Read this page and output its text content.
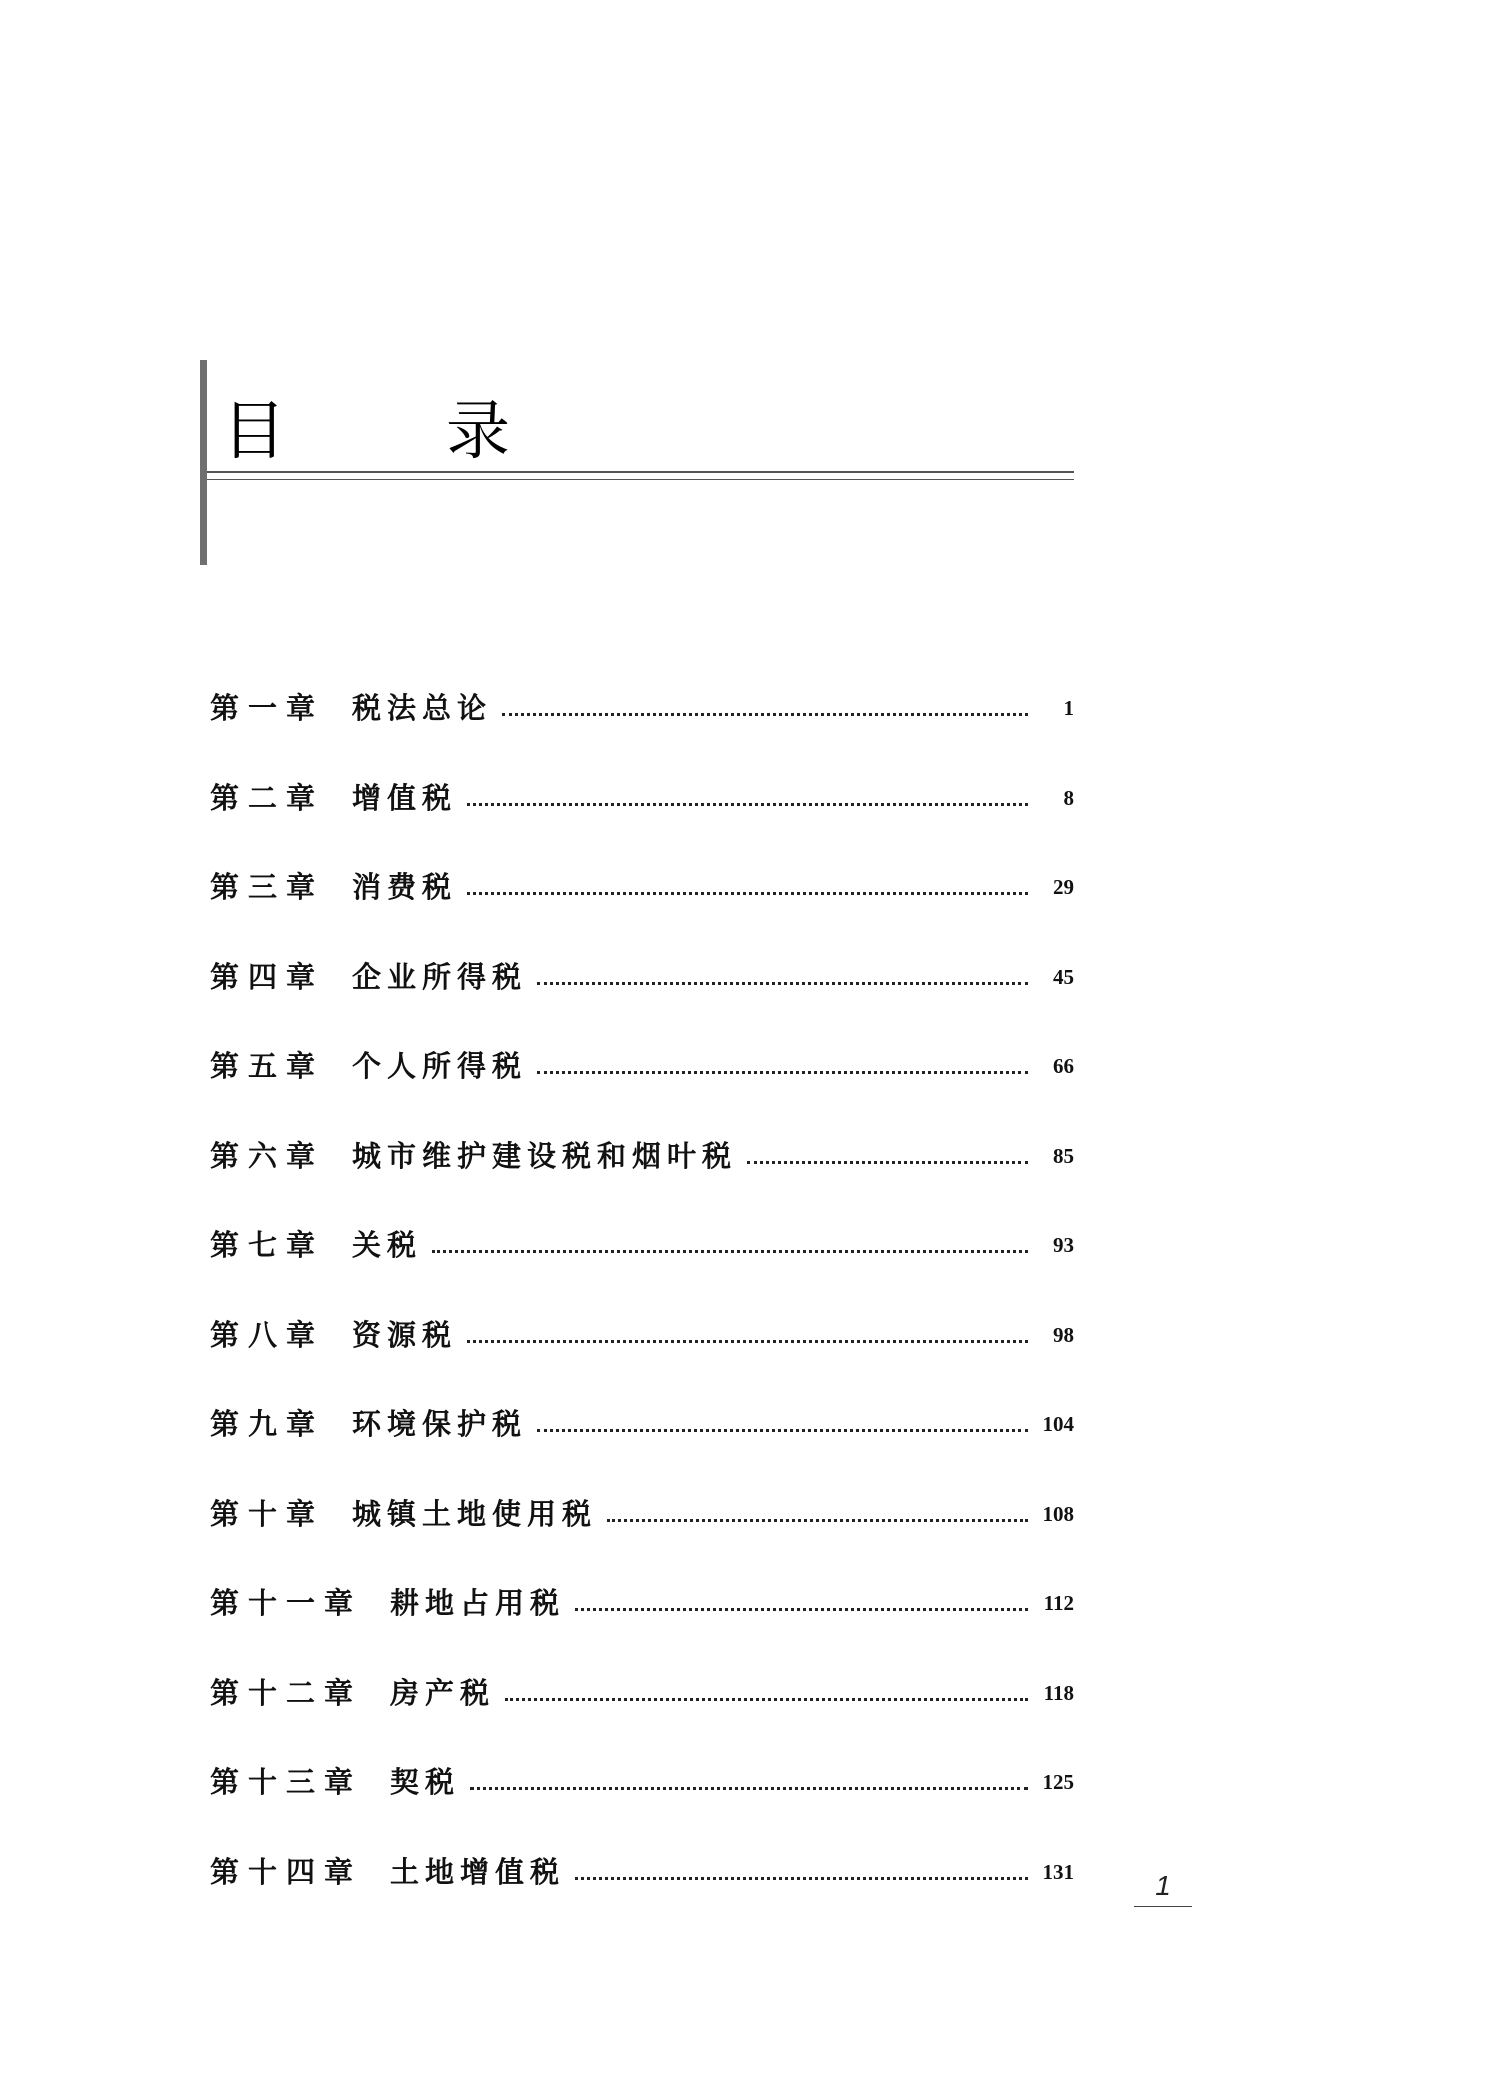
目　录
第一章 税法总论	1
第二章 增值税	8
第三章 消费税	29
第四章 企业所得税	45
第五章 个人所得税	66
第六章 城市维护建设税和烟叶税	85
第七章 关税	93
第八章 资源税	98
第九章 环境保护税	104
第十章 城镇土地使用税	108
第十一章 耕地占用税	112
第十二章 房产税	118
第十三章 契税	125
第十四章 土地增值税	131	1
